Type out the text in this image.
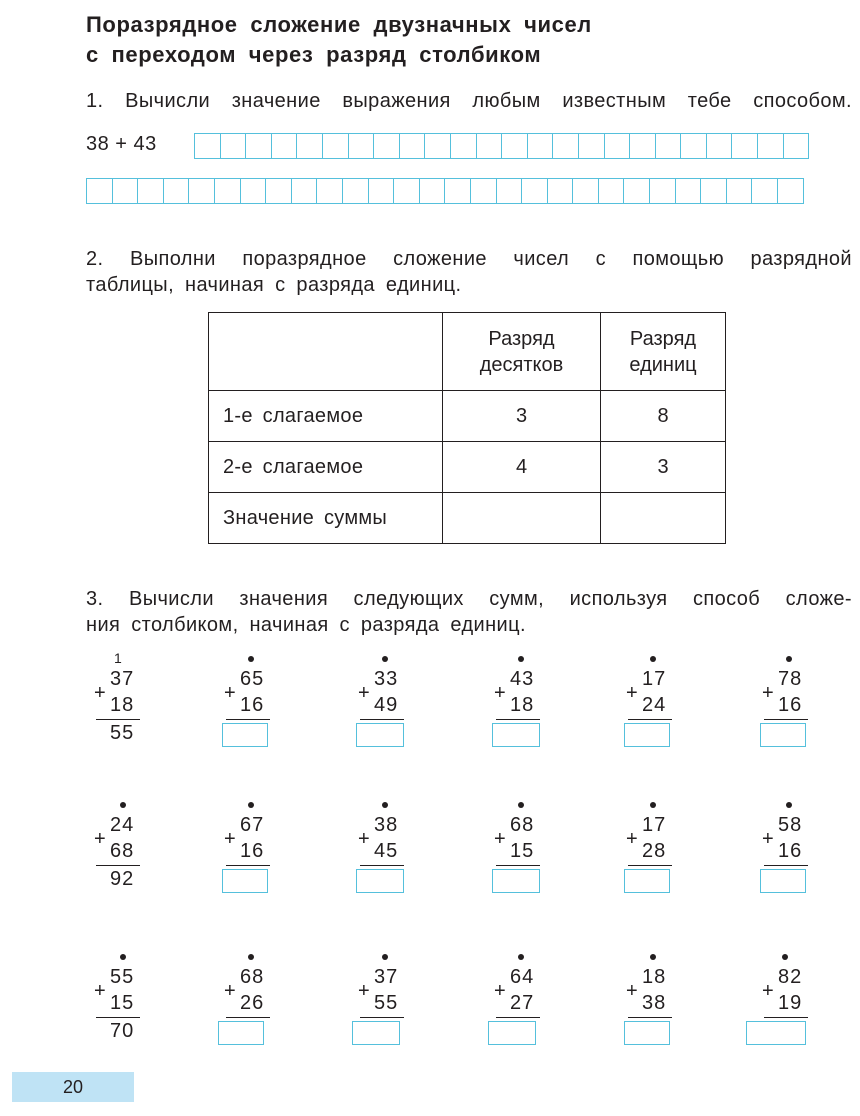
Поразрядное сложение двузначных чисел
с переходом через разряд столбиком
1. Вычисли значение выражения любым известным тебе способом.
38 + 43
2. Выполни поразрядное сложение чисел с помощью разрядной
таблицы, начиная с разряда единиц.

	Разряд десятков	Разряд единиц

1-е слагаемое	3	8
2-е слагаемое	4	3
Значение суммы		
3. Вычисли значения следующих сумм, используя способ сложе-
ния столбиком, начиная с разряда единиц.
1
+
37
18
55
+
65
16
+
33
49
+
43
18
+
17
24
+
78
16
+
24
68
92
+
67
16
+
38
45
+
68
15
+
17
28
+
58
16
+
55
15
70
+
68
26
+
37
55
+
64
27
+
18
38
+
82
19
20
